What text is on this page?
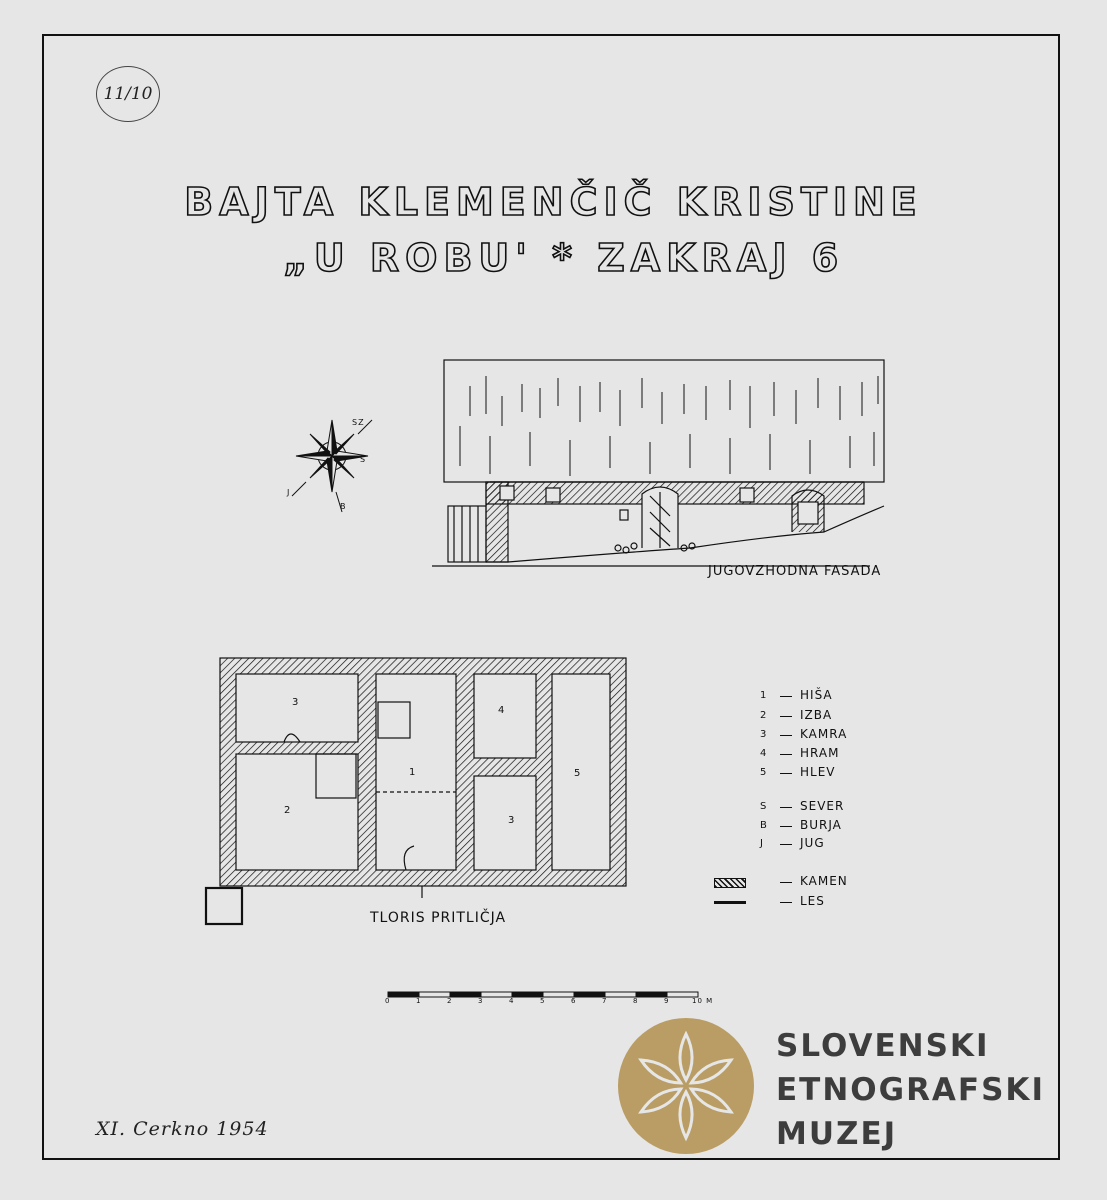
11/10
BAJTA KLEMENČIČ KRISTINE
„U ROBU' * ZAKRAJ 6
S
B
J
SZ
JUGOVZHODNA FASADA
1
2
3
3
4
5
TLORIS PRITLIČJA
1	HIŠA
2	IZBA
3	KAMRA
4	HRAM
5	HLEV
S	SEVER
B	BURJA
J	JUG
KAMEN
LES
0	1	2	3	4	5	6	7	8	9	10 M
XI. Cerkno 1954
SLOVENSKI
ETNOGRAFSKI
MUZEJ
